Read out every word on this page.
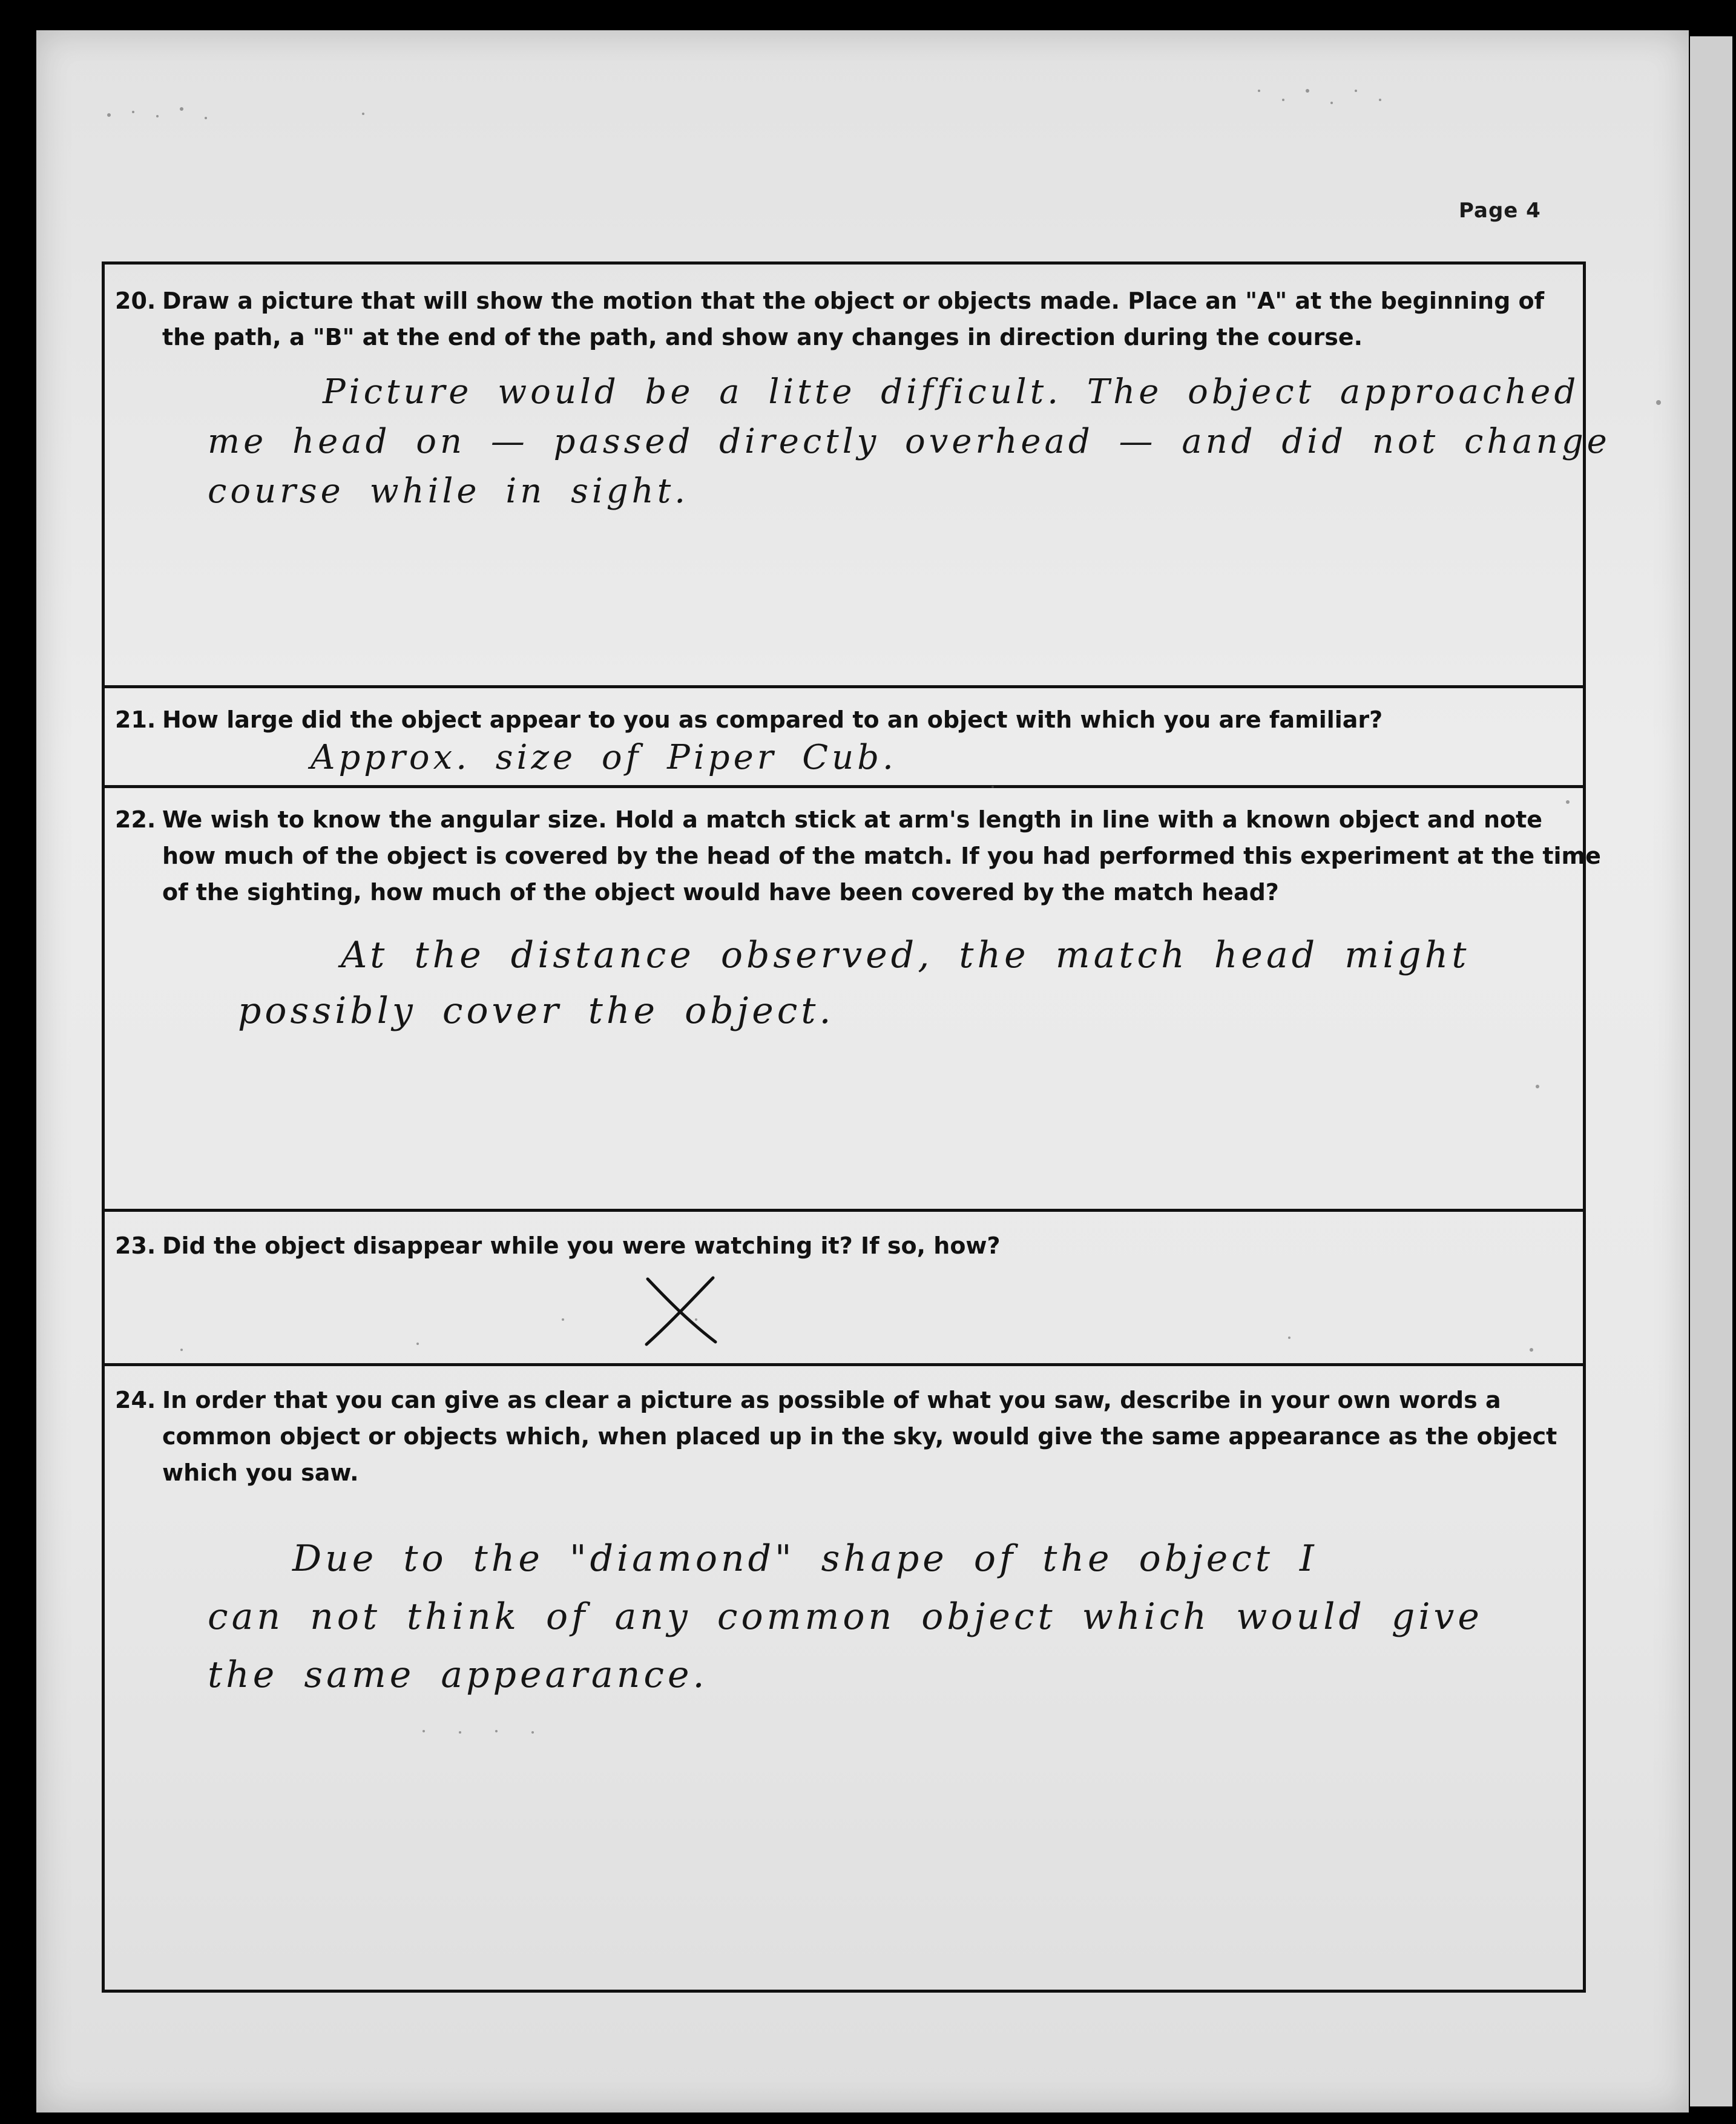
Page 4
20. Draw a picture that will show the motion that the object or objects made. Place an "A" at the beginning of
the path, a "B" at the end of the path, and show any changes in direction during the course.
Picture would be a litte difficult. The object approached
me head on — passed directly overhead — and did not change
course while in sight.
21. How large did the object appear to you as compared to an object with which you are familiar?
Approx. size of Piper Cub.
22. We wish to know the angular size. Hold a match stick at arm's length in line with a known object and note
how much of the object is covered by the head of the match. If you had performed this experiment at the time
of the sighting, how much of the object would have been covered by the match head?
At the distance observed, the match head might
possibly cover the object.
23. Did the object disappear while you were watching it? If so, how?
24. In order that you can give as clear a picture as possible of what you saw, describe in your own words a
common object or objects which, when placed up in the sky, would give the same appearance as the object
which you saw.
Due to the "diamond" shape of the object I
can not think of any common object which would give
the same appearance.
